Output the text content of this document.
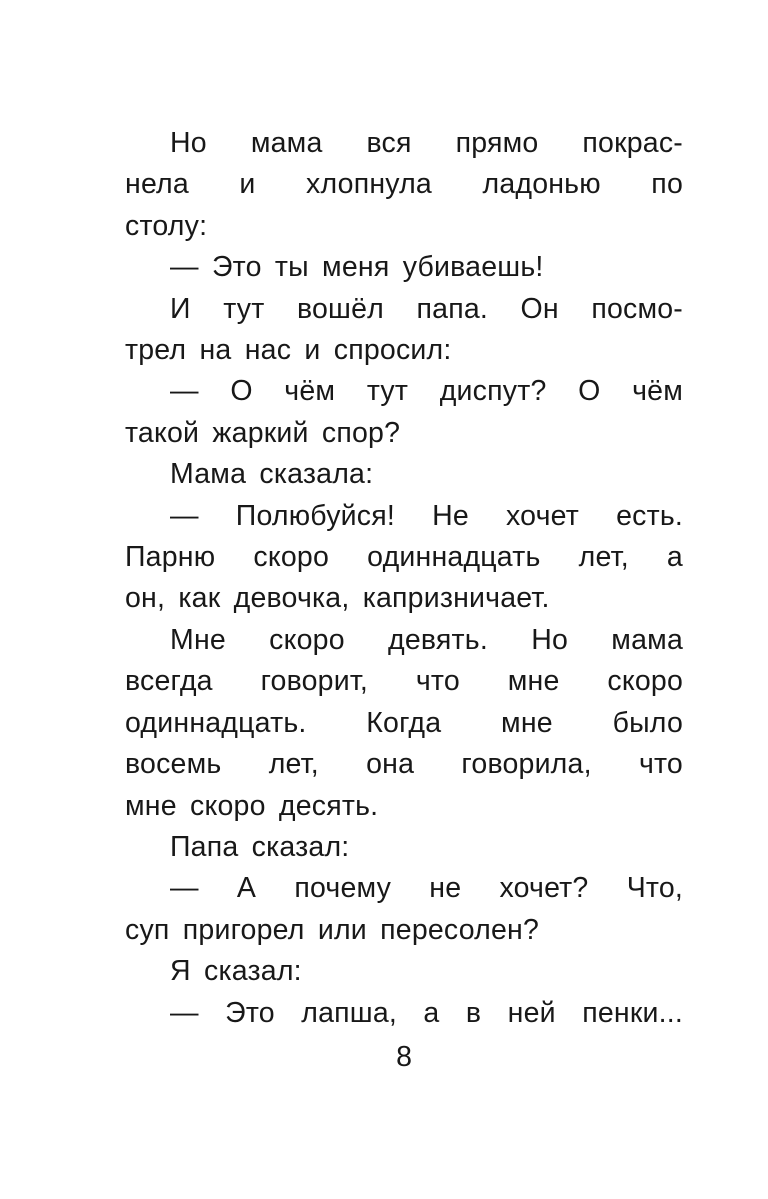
Но мама вся прямо покрас-
нела и хлопнула ладонью по
столу:
— Это ты меня убиваешь!
И тут вошёл папа. Он посмо-
трел на нас и спросил:
— О чём тут диспут? О чём
такой жаркий спор?
Мама сказала:
— Полюбуйся! Не хочет есть.
Парню скоро одиннадцать лет, а
он, как девочка, капризничает.
Мне скоро девять. Но мама
всегда говорит, что мне скоро
одиннадцать. Когда мне было
восемь лет, она говорила, что
мне скоро десять.
Папа сказал:
— А почему не хочет? Что,
суп пригорел или пересолен?
Я сказал:
— Это лапша, а в ней пенки...
8
